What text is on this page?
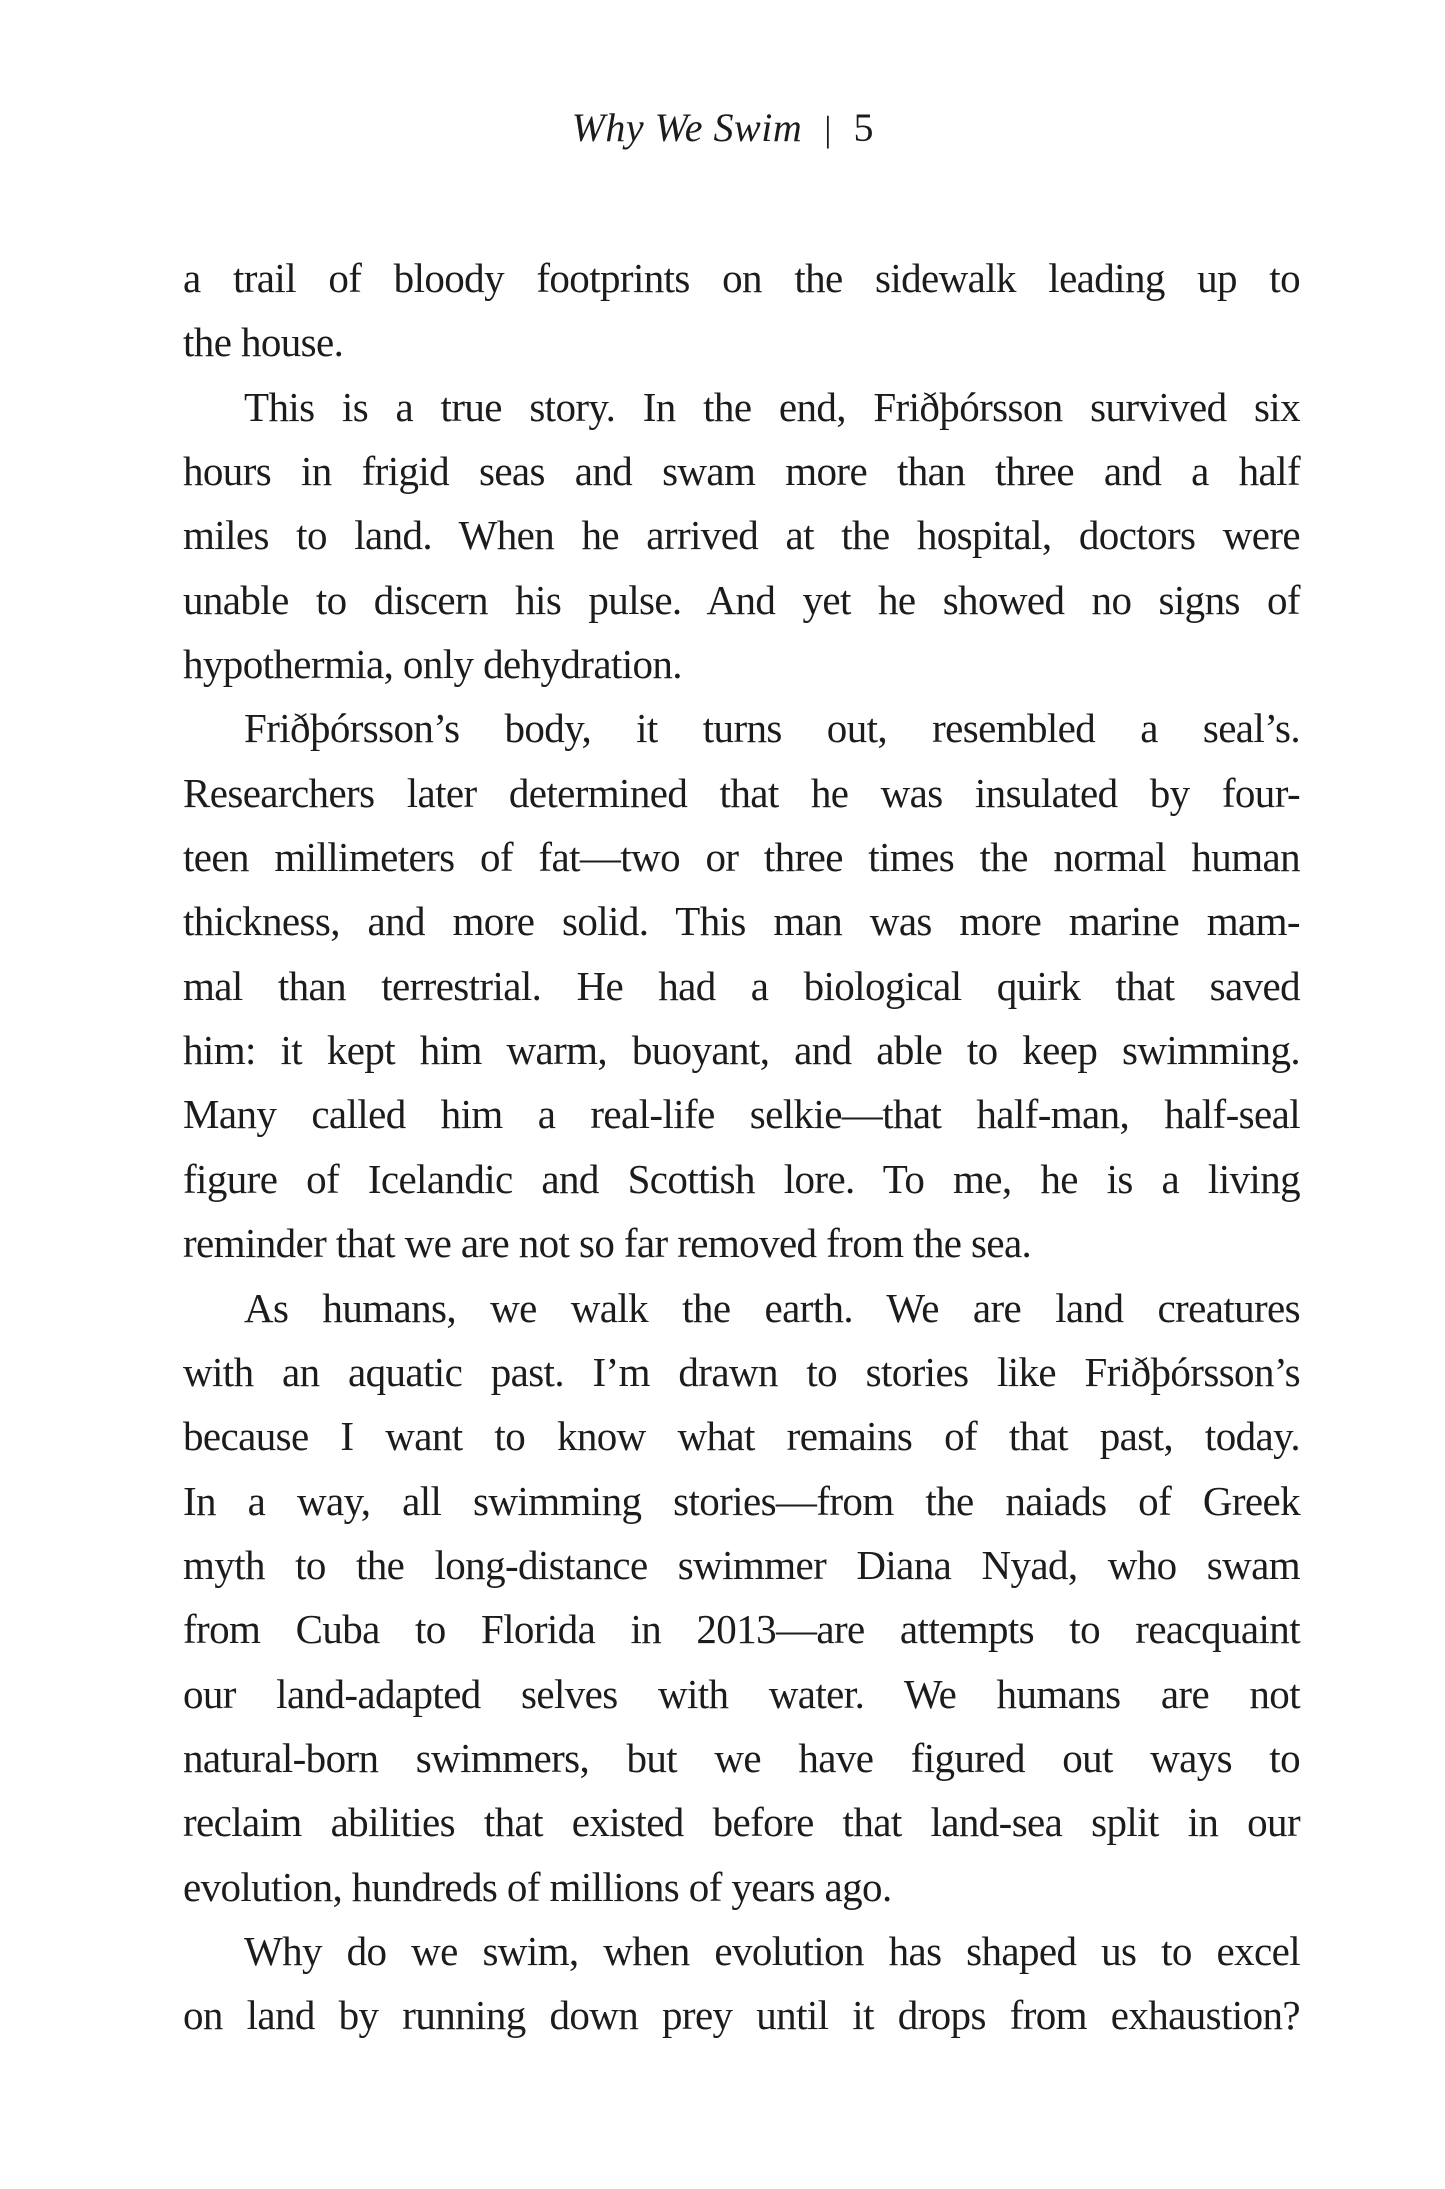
Why We Swim | 5

a trail of bloody footprints on the sidewalk leading up to
the house.

This is a true story. In the end, Friðþórsson survived six
hours in frigid seas and swam more than three and a half
miles to land. When he arrived at the hospital, doctors were
unable to discern his pulse. And yet he showed no signs of
hypothermia, only dehydration.

Friðþórsson’s body, it turns out, resembled a seal’s.
Researchers later determined that he was insulated by four-
teen millimeters of fat—two or three times the normal human
thickness, and more solid. This man was more marine mam-
mal than terrestrial. He had a biological quirk that saved
him: it kept him warm, buoyant, and able to keep swimming.
Many called him a real-life selkie—that half-man, half-seal
figure of Icelandic and Scottish lore. To me, he is a living
reminder that we are not so far removed from the sea.

As humans, we walk the earth. We are land creatures
with an aquatic past. I’m drawn to stories like Friðþórsson’s
because I want to know what remains of that past, today.
In a way, all swimming stories—from the naiads of Greek
myth to the long-distance swimmer Diana Nyad, who swam
from Cuba to Florida in 2013—are attempts to reacquaint
our land-adapted selves with water. We humans are not
natural-born swimmers, but we have figured out ways to
reclaim abilities that existed before that land-sea split in our
evolution, hundreds of millions of years ago.

Why do we swim, when evolution has shaped us to excel
on land by running down prey until it drops from exhaustion?
